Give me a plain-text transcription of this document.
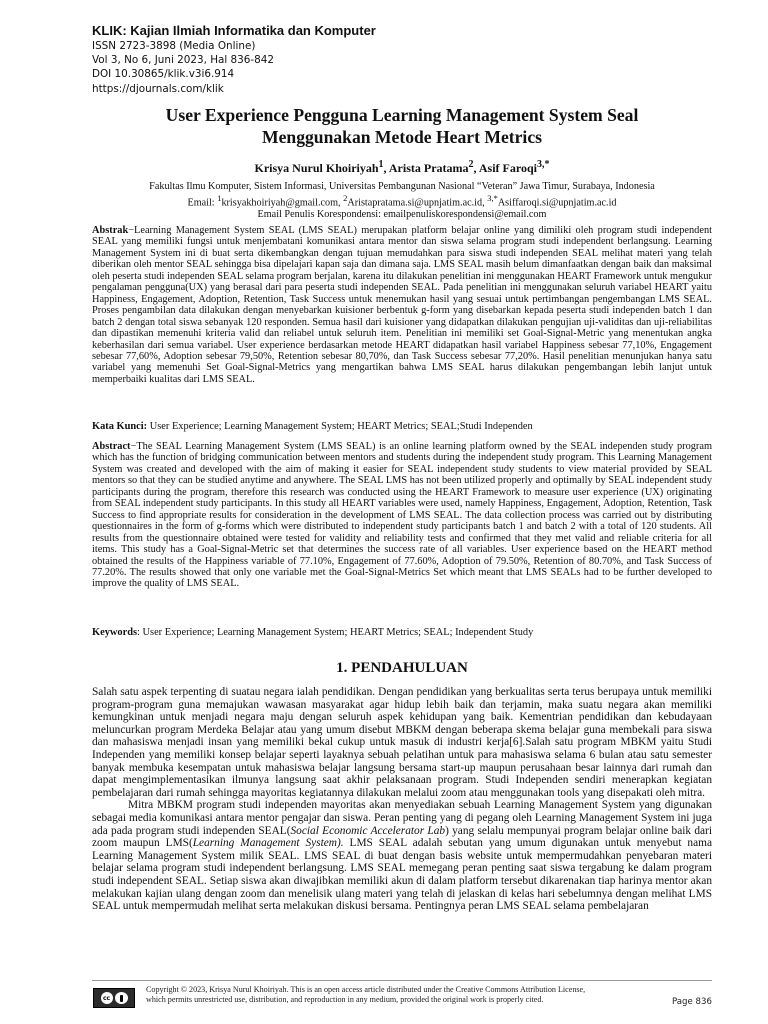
KLIK: Kajian Ilmiah Informatika dan Komputer
ISSN 2723-3898 (Media Online)
Vol 3, No 6, Juni 2023, Hal 836-842
DOI 10.30865/klik.v3i6.914
https://djournals.com/klik
User Experience Pengguna Learning Management System Seal
Menggunakan Metode Heart Metrics
Krisya Nurul Khoiriyah$^1$, Arista Pratama$^2$, Asif Faroqi$^{3,*}$
Fakultas Ilmu Komputer, Sistem Informasi, Universitas Pembangunan Nasional “Veteran” Jawa Timur, Surabaya, Indonesia
Email: $^1$krisyakhoiriyah@gmail.com, $^2$Aristapratama.si@upnjatim.ac.id, $^{3,*}$Asiffaroqi.si@upnjatim.ac.id
Email Penulis Korespondensi: emailpenuliskorespondensi@email.com

Abstrak−Learning Management System SEAL (LMS SEAL) merupakan platform belajar online yang dimiliki oleh program studi independent SEAL yang memiliki fungsi untuk menjembatani komunikasi antara mentor dan siswa selama program studi independent berlangsung. Learning Management System ini di buat serta dikembangkan dengan tujuan memudahkan para siswa studi independen SEAL melihat materi yang telah diberikan oleh mentor SEAL sehingga bisa dipelajari kapan saja dan dimana saja. LMS SEAL masih belum dimanfaatkan dengan baik dan maksimal oleh peserta studi independen SEAL selama program berjalan, karena itu dilakukan penelitian ini menggunakan HEART Framework untuk mengukur pengalaman pengguna(UX) yang berasal dari para peserta studi independen SEAL. Pada penelitian ini menggunakan seluruh variabel HEART yaitu Happiness, Engagement, Adoption, Retention, Task Success untuk menemukan hasil yang sesuai untuk pertimbangan pengembangan LMS SEAL. Proses pengambilan data dilakukan dengan menyebarkan kuisioner berbentuk g-form yang disebarkan kepada peserta studi independen batch 1 dan batch 2 dengan total siswa sebanyak 120 responden. Semua hasil dari kuisioner yang didapatkan dilakukan pengujian uji-validitas dan uji-reliabilitas dan dipastikan memenuhi kriteria valid dan reliabel untuk seluruh item. Penelitian ini memiliki set Goal-Signal-Metric yang menentukan angka keberhasilan dari semua variabel. User experience berdasarkan metode HEART didapatkan hasil variabel Happiness sebesar 77,10%, Engagement sebesar 77,60%, Adoption sebesar 79,50%, Retention sebesar 80,70%, dan Task Success sebesar 77,20%. Hasil penelitian menunjukan hanya satu variabel yang memenuhi Set Goal-Signal-Metrics yang mengartikan bahwa LMS SEAL harus dilakukan pengembangan lebih lanjut untuk memperbaiki kualitas dari LMS SEAL.

Kata Kunci: User Experience; Learning Management System; HEART Metrics; SEAL;Studi Independen

Abstract−The SEAL Learning Management System (LMS SEAL) is an online learning platform owned by the SEAL independen study program which has the function of bridging communication between mentors and students during the independent study program. This Learning Management System was created and developed with the aim of making it easier for SEAL independent study students to view material provided by SEAL mentors so that they can be studied anytime and anywhere. The SEAL LMS has not been utilized properly and optimally by SEAL independent study participants during the program, therefore this research was conducted using the HEART Framework to measure user experience (UX) originating from SEAL independent study participants. In this study all HEART variables were used, namely Happiness, Engagement, Adoption, Retention, Task Success to find appropriate results for consideration in the development of LMS SEAL. The data collection process was carried out by distributing questionnaires in the form of g-forms which were distributed to independent study participants batch 1 and batch 2 with a total of 120 students. All results from the questionnaire obtained were tested for validity and reliability tests and confirmed that they met valid and reliable criteria for all items. This study has a Goal-Signal-Metric set that determines the success rate of all variables. User experience based on the HEART method obtained the results of the Happiness variable of 77.10%, Engagement of 77.60%, Adoption of 79.50%, Retention of 80.70%, and Task Success of 77.20%. The results showed that only one variable met the Goal-Signal-Metrics Set which meant that LMS SEALs had to be further developed to improve the quality of LMS SEAL.

Keywords: User Experience; Learning Management System; HEART Metrics; SEAL; Independent Study
1. PENDAHULUAN

Salah satu aspek terpenting di suatau negara ialah pendidikan. Dengan pendidikan yang berkualitas serta terus berupaya untuk memiliki program-program guna memajukan wawasan masyarakat agar hidup lebih baik dan terjamin, maka suatu negara akan memiliki kemungkinan untuk menjadi negara maju dengan seluruh aspek kehidupan yang baik. Kementrian pendidikan dan kebudayaan meluncurkan program Merdeka Belajar atau yang umum disebut MBKM dengan beberapa skema belajar guna membekali para siswa dan mahasiswa menjadi insan yang memiliki bekal cukup untuk masuk di industri kerja[6].Salah satu program MBKM yaitu Studi Independen yang memiliki konsep belajar seperti layaknya sebuah pelatihan untuk para mahasiswa selama 6 bulan atau satu semester banyak membuka kesempatan untuk mahasiswa belajar langsung bersama start-up maupun perusahaan besar lainnya dari rumah dan dapat mengimplementasikan ilmunya langsung saat akhir pelaksanaan program. Studi Independen sendiri menerapkan kegiatan pembelajaran dari rumah sehingga mayoritas kegiatannya dilakukan melalui zoom atau menggunakan tools yang disepakati oleh mitra.

Mitra MBKM program studi independen mayoritas akan menyediakan sebuah Learning Management System yang digunakan sebagai media komunikasi antara mentor pengajar dan siswa. Peran penting yang di pegang oleh Learning Management System ini juga ada pada program studi independen SEAL(Social Economic Accelerator Lab) yang selalu mempunyai program belajar online baik dari zoom maupun LMS(Learning Management System). LMS SEAL adalah sebutan yang umum digunakan untuk menyebut nama Learning Management System milik SEAL. LMS SEAL di buat dengan basis website untuk mempermudahkan penyebaran materi belajar selama program studi independent berlangsung. LMS SEAL memegang peran penting saat siswa tergabung ke dalam program studi independent SEAL. Setiap siswa akan diwajibkan memiliki akun di dalam platform tersebut dikarenakan tiap harinya mentor akan melakukan kajian ulang dengan zoom dan menelisik ulang materi yang telah di jelaskan di kelas hari sebelumnya dengan melihat LMS SEAL untuk mempermudah melihat serta melakukan diskusi bersama. Pentingnya peran LMS SEAL selama pembelajaran

cc
Copyright © 2023, Krisya Nurul Khoiriyah. This is an open access article distributed under the Creative Commons Attribution License,
which permits unrestricted use, distribution, and reproduction in any medium, provided the original work is properly cited.	Page 836
